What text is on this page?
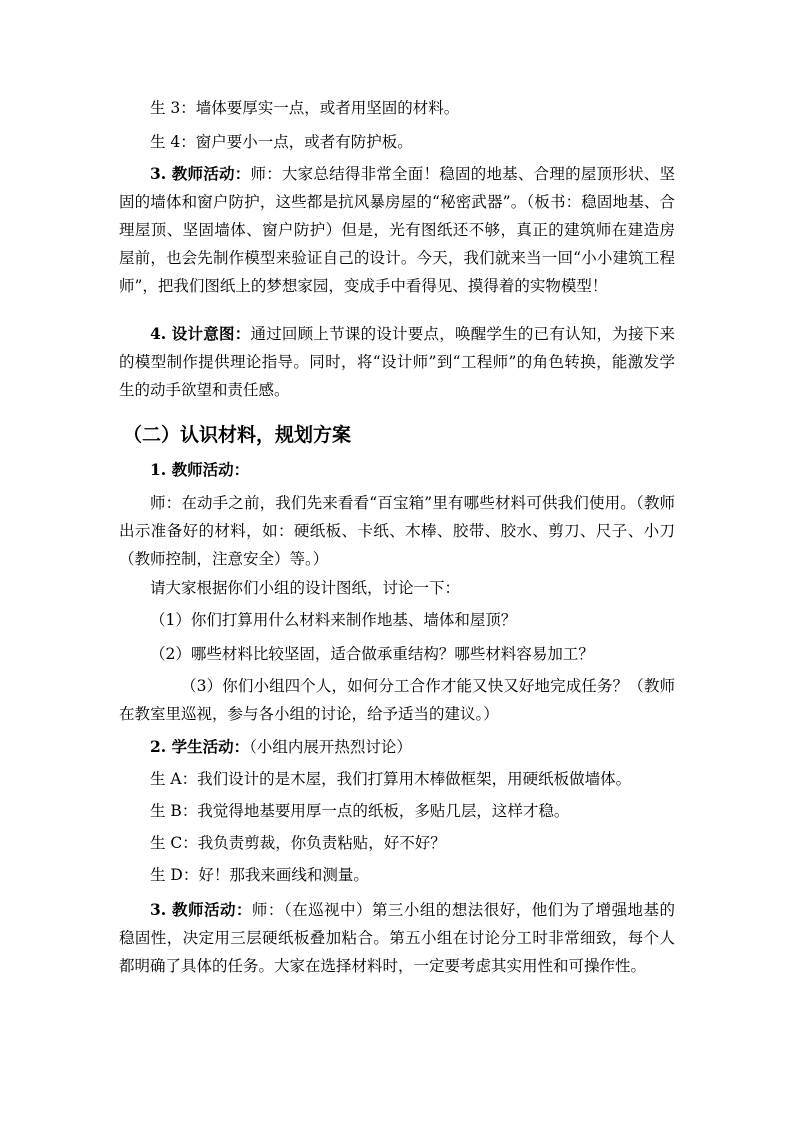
生 3：墙体要厚实一点，或者用坚固的材料。

生 4：窗户要小一点，或者有防护板。

3. 教师活动：师：大家总结得非常全面！稳固的地基、合理的屋顶形状、坚固的墙体和窗户防护，这些都是抗风暴房屋的“秘密武器”。（板书：稳固地基、合理屋顶、坚固墙体、窗户防护）但是，光有图纸还不够，真正的建筑师在建造房屋前，也会先制作模型来验证自己的设计。今天，我们就来当一回“小小建筑工程师”，把我们图纸上的梦想家园，变成手中看得见、摸得着的实物模型！

4. 设计意图：通过回顾上节课的设计要点，唤醒学生的已有认知，为接下来的模型制作提供理论指导。同时，将“设计师”到“工程师”的角色转换，能激发学生的动手欲望和责任感。

（二）认识材料，规划方案

1. 教师活动：

师：在动手之前，我们先来看看“百宝箱”里有哪些材料可供我们使用。（教师出示准备好的材料，如：硬纸板、卡纸、木棒、胶带、胶水、剪刀、尺子、小刀（教师控制，注意安全）等。）

请大家根据你们小组的设计图纸，讨论一下：

（1）你们打算用什么材料来制作地基、墙体和屋顶？

（2）哪些材料比较坚固，适合做承重结构？哪些材料容易加工？

（3）你们小组四个人，如何分工合作才能又快又好地完成任务？（教师在教室里巡视，参与各小组的讨论，给予适当的建议。）

2. 学生活动：（小组内展开热烈讨论）

生 A：我们设计的是木屋，我们打算用木棒做框架，用硬纸板做墙体。

生 B：我觉得地基要用厚一点的纸板，多贴几层，这样才稳。

生 C：我负责剪裁，你负责粘贴，好不好？

生 D：好！那我来画线和测量。

3. 教师活动：师：（在巡视中）第三小组的想法很好，他们为了增强地基的稳固性，决定用三层硬纸板叠加粘合。第五小组在讨论分工时非常细致，每个人都明确了具体的任务。大家在选择材料时，一定要考虑其实用性和可操作性。
